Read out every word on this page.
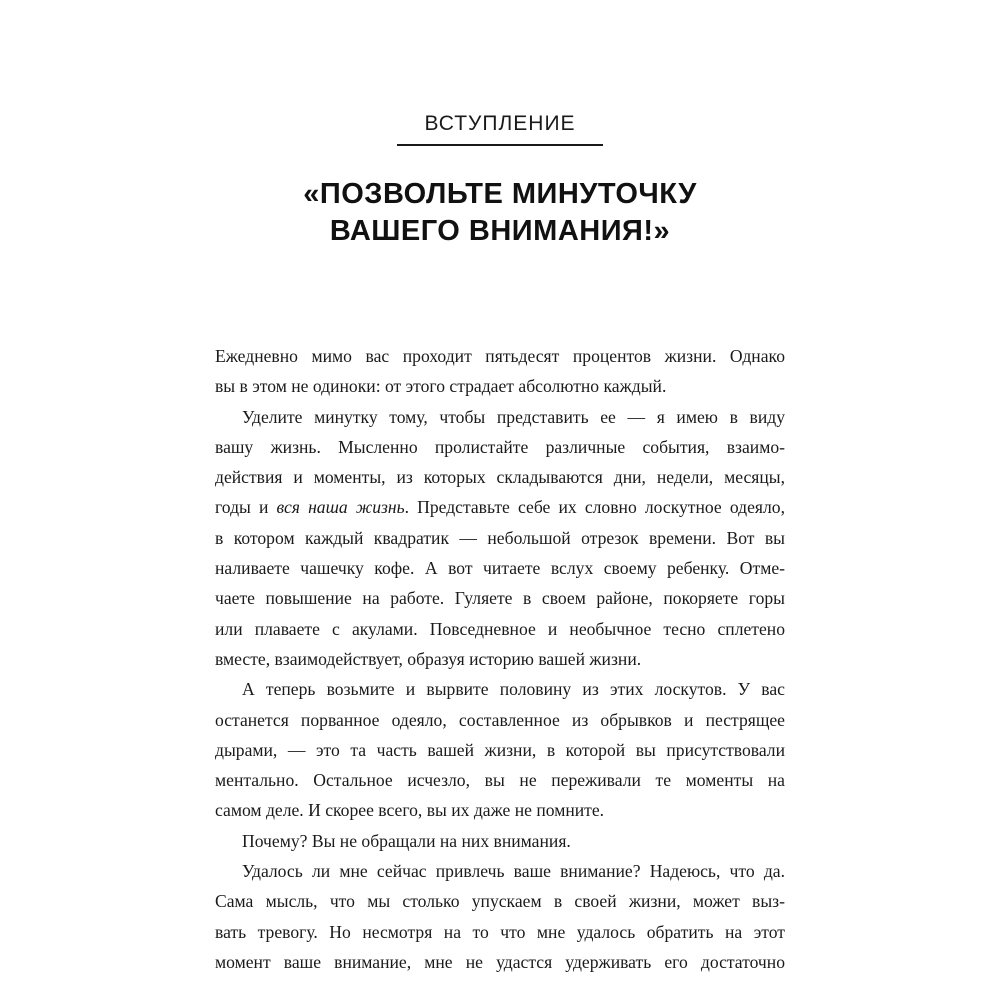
ВСТУПЛЕНИЕ
«ПОЗВОЛЬТЕ МИНУТОЧКУ
ВАШЕГО ВНИМАНИЯ!»

Ежедневно мимо вас проходит пятьдесят процентов жизни. Однако
вы в этом не одиноки: от этого страдает абсолютно каждый.

Уделите минутку тому, чтобы представить ее — я имею в виду
вашу жизнь. Мысленно пролистайте различные события, взаимо-
действия и моменты, из которых складываются дни, недели, месяцы,
годы и вся наша жизнь. Представьте себе их словно лоскутное одеяло,
в котором каждый квадратик — небольшой отрезок времени. Вот вы
наливаете чашечку кофе. А вот читаете вслух своему ребенку. Отме-
чаете повышение на работе. Гуляете в своем районе, покоряете горы
или плаваете с акулами. Повседневное и необычное тесно сплетено
вместе, взаимодействует, образуя историю вашей жизни.

А теперь возьмите и вырвите половину из этих лоскутов. У вас
останется порванное одеяло, составленное из обрывков и пестрящее
дырами, — это та часть вашей жизни, в которой вы присутствовали
ментально. Остальное исчезло, вы не переживали те моменты на
самом деле. И скорее всего, вы их даже не помните.

Почему? Вы не обращали на них внимания.

Удалось ли мне сейчас привлечь ваше внимание? Надеюсь, что да.
Сама мысль, что мы столько упускаем в своей жизни, может выз-
вать тревогу. Но несмотря на то что мне удалось обратить на этот
момент ваше внимание, мне не удастся удерживать его достаточно
